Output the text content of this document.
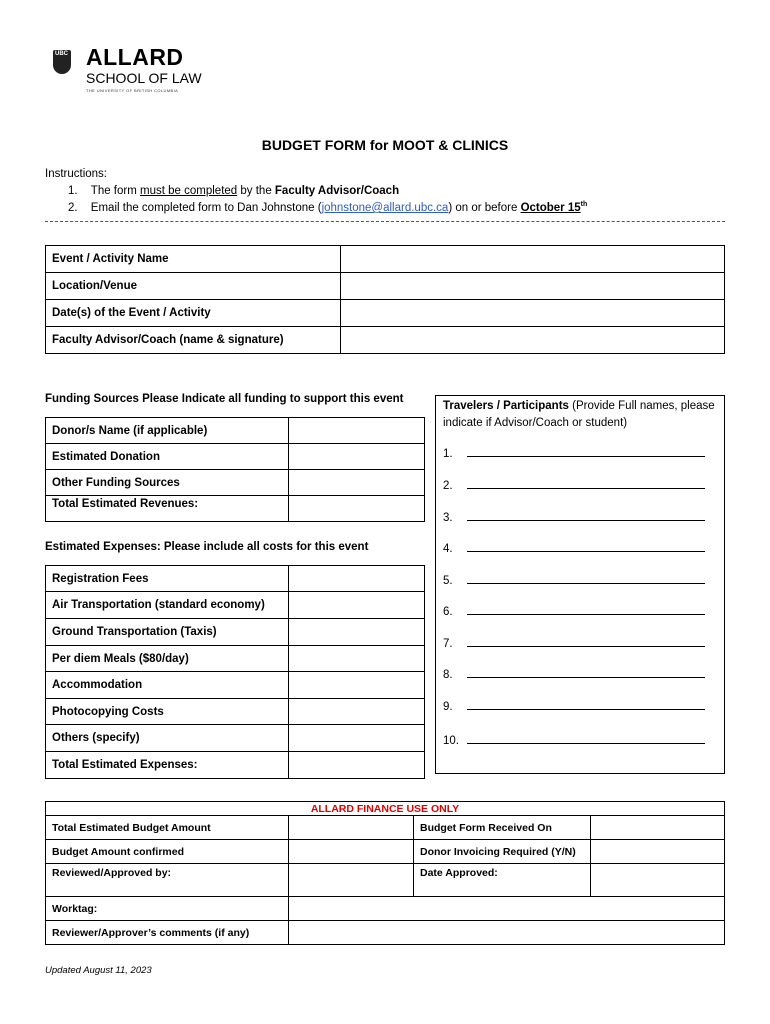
UBC ALLARD
SCHOOL OF LAW
THE UNIVERSITY OF BRITISH COLUMBIA
BUDGET FORM for MOOT & CLINICS
Instructions:
1. The form must be completed by the Faculty Advisor/Coach
2. Email the completed form to Dan Johnstone (johnstone@allard.ubc.ca) on or before October 15th
Event / Activity Name	
Location/Venue	
Date(s) of the Event / Activity	
Faculty Advisor/Coach (name & signature)	
Funding Sources Please Indicate all funding to support this event
Donor/s Name (if applicable)	
Estimated Donation	
Other Funding Sources	
Total Estimated Revenues:	
Estimated Expenses: Please include all costs for this event
Registration Fees	
Air Transportation (standard economy)	
Ground Transportation (Taxis)	
Per diem Meals ($80/day)	
Accommodation	
Photocopying Costs	
Others (specify)	
Total Estimated Expenses:	
Travelers / Participants (Provide Full names, please indicate if Advisor/Coach or student)
1.
2.
3.
4.
5.
6.
7.
8.
9.
10.
ALLARD FINANCE USE ONLY			
Total Estimated Budget Amount		Budget Form Received On	
Budget Amount confirmed		Donor Invoicing Required (Y/N)	
Reviewed/Approved by:		Date Approved:	
Worktag:			
Reviewer/Approver’s comments (if any)			
Updated August 11, 2023
